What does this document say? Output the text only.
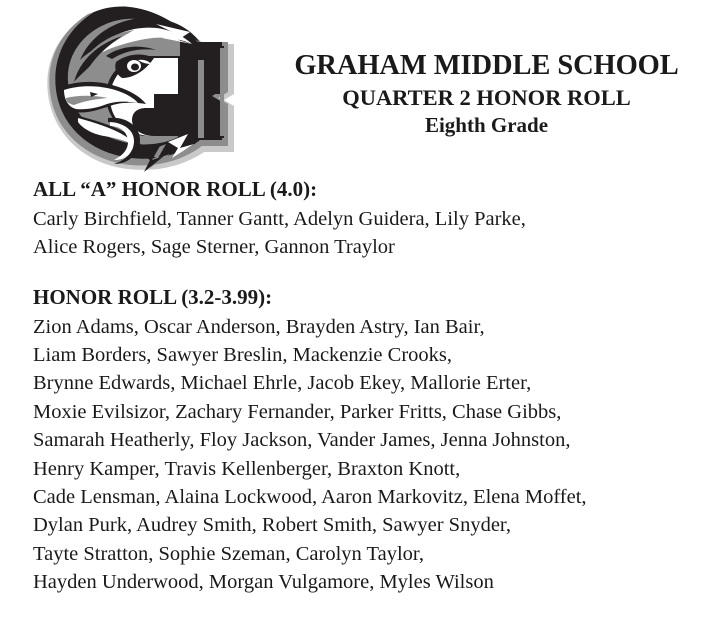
GRAHAM MIDDLE SCHOOL
QUARTER 2 HONOR ROLL
Eighth Grade
ALL “A” HONOR ROLL (4.0):
Carly Birchfield, Tanner Gantt, Adelyn Guidera, Lily Parke,
Alice Rogers, Sage Sterner, Gannon Traylor
HONOR ROLL (3.2-3.99):
Zion Adams, Oscar Anderson, Brayden Astry, Ian Bair,
Liam Borders, Sawyer Breslin, Mackenzie Crooks,
Brynne Edwards, Michael Ehrle, Jacob Ekey, Mallorie Erter,
Moxie Evilsizor, Zachary Fernander, Parker Fritts, Chase Gibbs,
Samarah Heatherly, Floy Jackson, Vander James, Jenna Johnston,
Henry Kamper, Travis Kellenberger, Braxton Knott,
Cade Lensman, Alaina Lockwood, Aaron Markovitz, Elena Moffet,
Dylan Purk, Audrey Smith, Robert Smith, Sawyer Snyder,
Tayte Stratton, Sophie Szeman, Carolyn Taylor,
Hayden Underwood, Morgan Vulgamore, Myles Wilson
